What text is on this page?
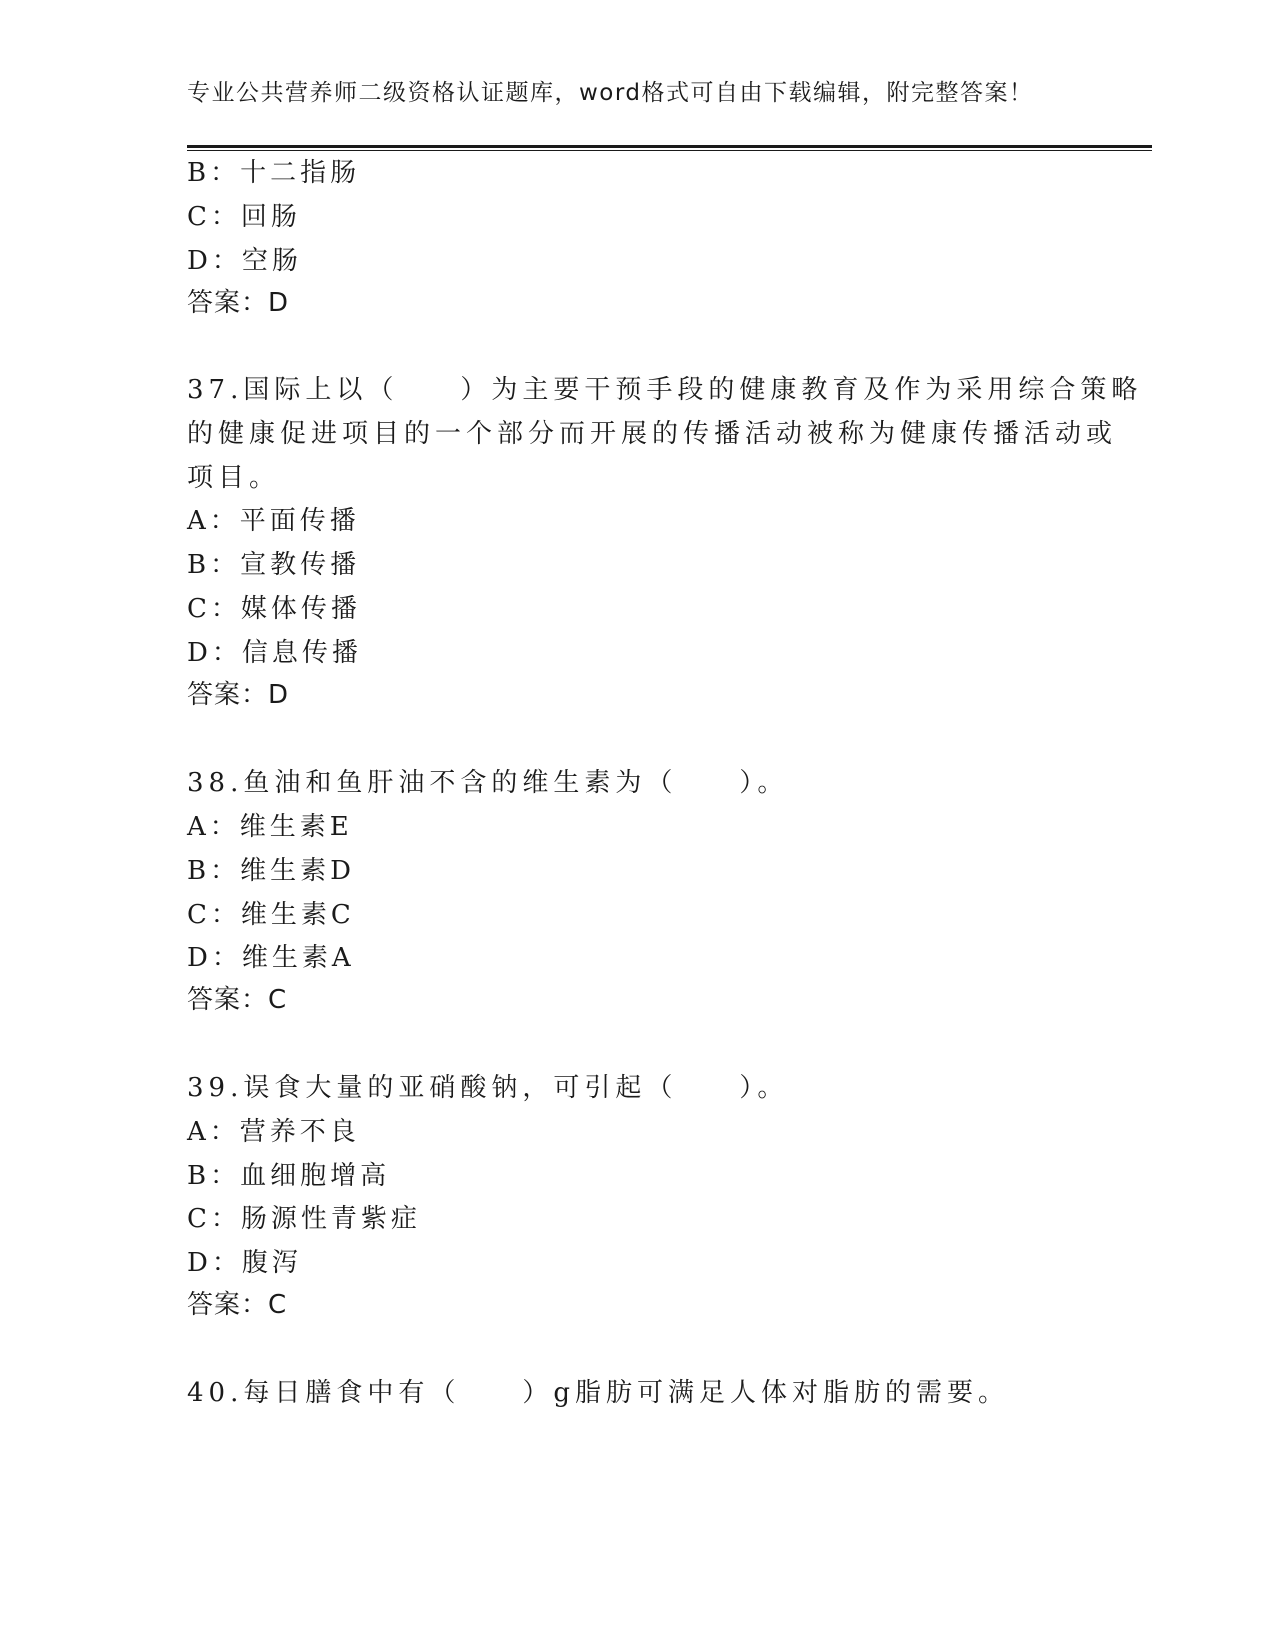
专业公共营养师二级资格认证题库，word格式可自由下载编辑，附完整答案！
B：十二指肠
C：回肠
D：空肠
答案：D
37.国际上以（　　）为主要干预手段的健康教育及作为采用综合策略
的健康促进项目的一个部分而开展的传播活动被称为健康传播活动或
项目。
A：平面传播
B：宣教传播
C：媒体传播
D：信息传播
答案：D
38.鱼油和鱼肝油不含的维生素为（　　）。
A：维生素E
B：维生素D
C：维生素C
D：维生素A
答案：C
39.误食大量的亚硝酸钠，可引起（　　）。
A：营养不良
B：血细胞增高
C：肠源性青紫症
D：腹泻
答案：C
40.每日膳食中有（　　）g脂肪可满足人体对脂肪的需要。
